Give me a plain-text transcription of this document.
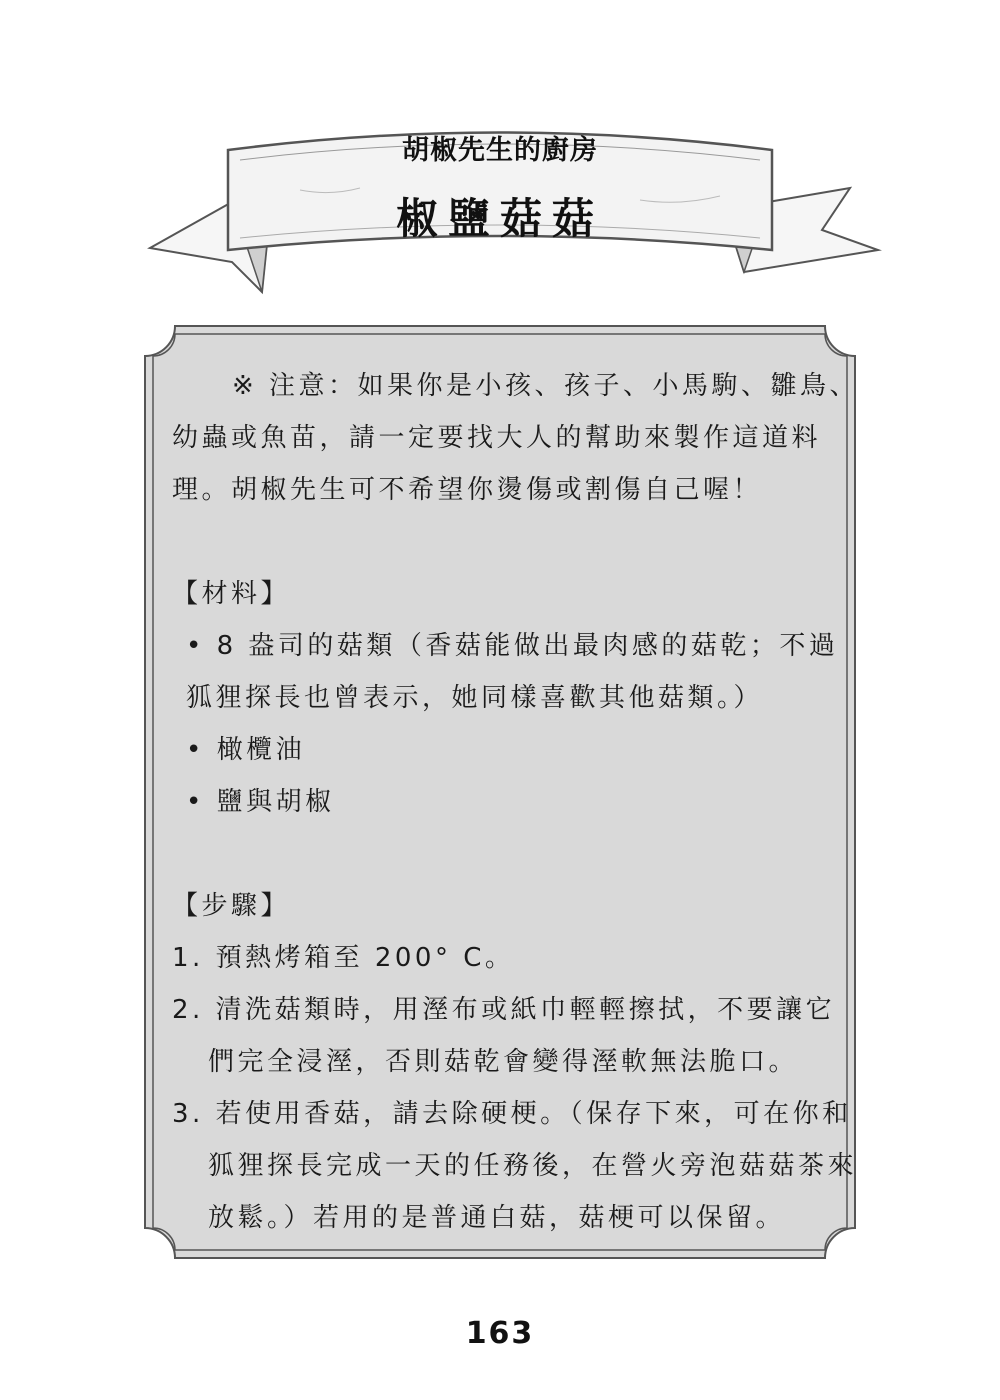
胡椒先生的廚房
椒鹽菇菇

※ 注意：如果你是小孩、孩子、小馬駒、雛鳥、幼蟲或魚苗，請一定要找大人的幫助來製作這道料理。胡椒先生可不希望你燙傷或割傷自己喔！

【材料】

• 8 盎司的菇類（香菇能做出最肉感的菇乾；不過狐狸探長也曾表示，她同樣喜歡其他菇類。）

• 橄欖油

• 鹽與胡椒

【步驟】

1. 預熱烤箱至 200° C。

2. 清洗菇類時，用溼布或紙巾輕輕擦拭，不要讓它們完全浸溼，否則菇乾會變得溼軟無法脆口。

3. 若使用香菇，請去除硬梗。（保存下來，可在你和狐狸探長完成一天的任務後，在營火旁泡菇菇茶來放鬆。）若用的是普通白菇，菇梗可以保留。

163
